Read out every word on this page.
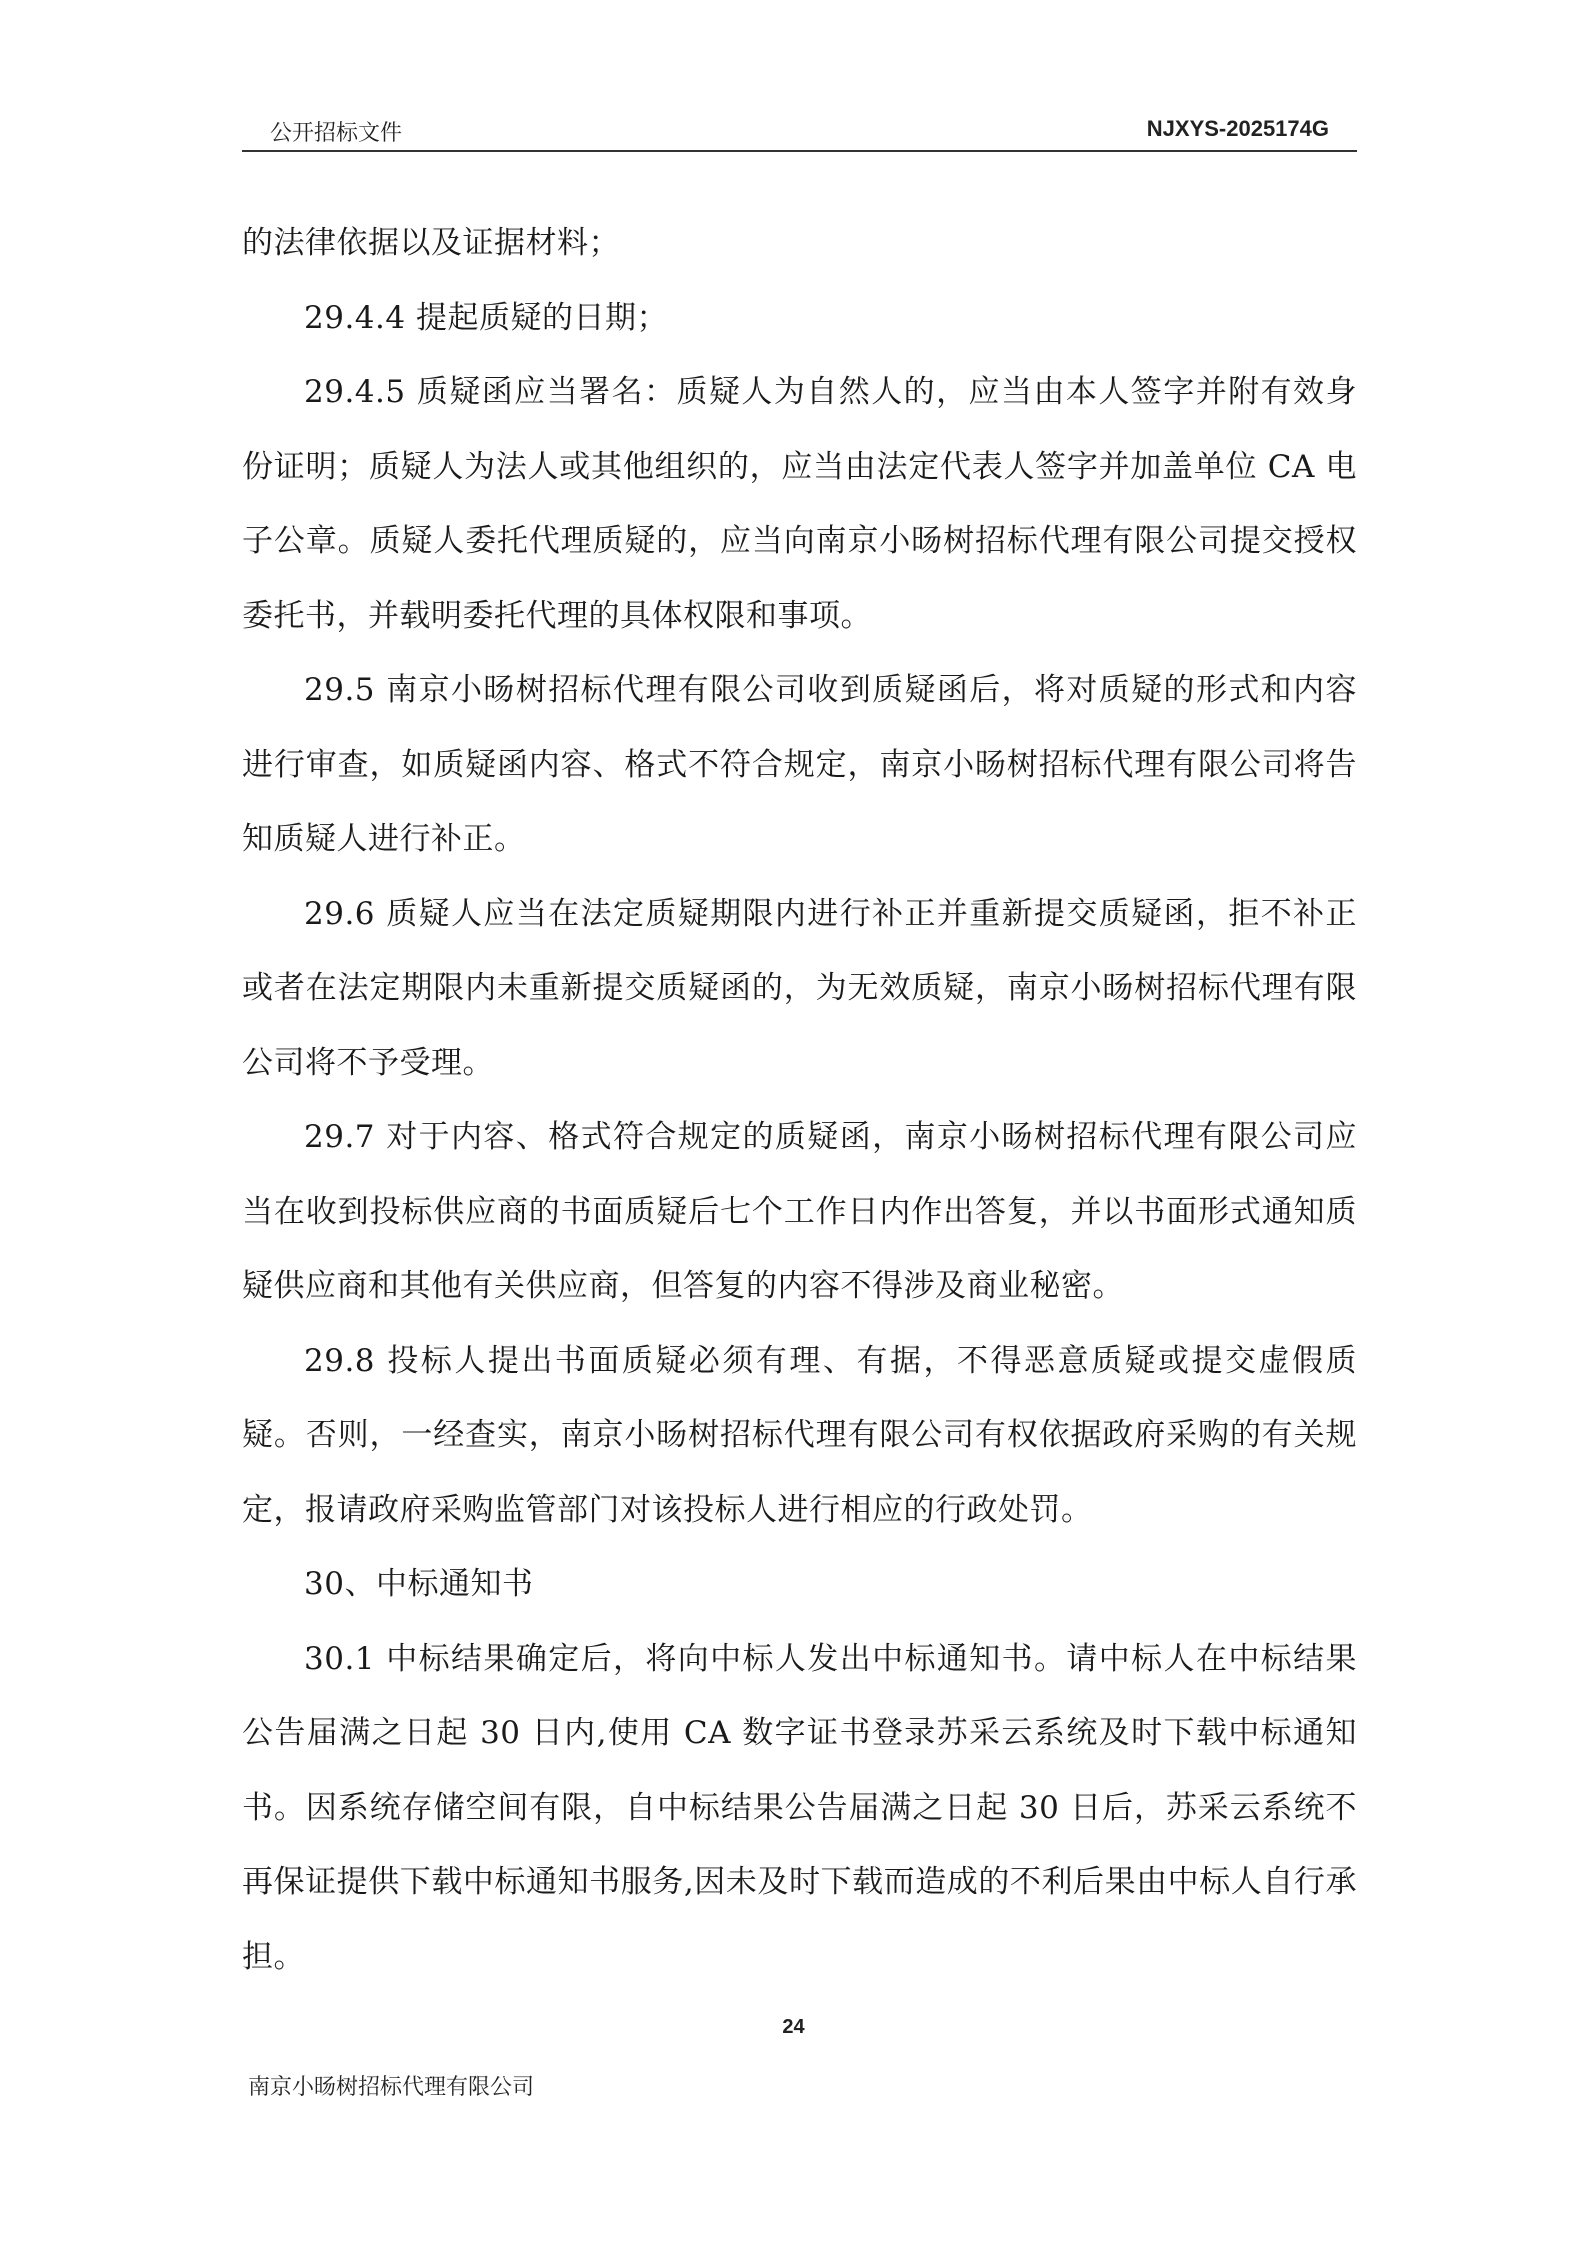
公开招标文件	NJXYS-2025174G

的法律依据以及证据材料；

29.4.4 提起质疑的日期；

29.4.5 质疑函应当署名：质疑人为自然人的，应当由本人签字并附有效身份证明；质疑人为法人或其他组织的，应当由法定代表人签字并加盖单位 CA 电子公章。质疑人委托代理质疑的，应当向南京小旸树招标代理有限公司提交授权委托书，并载明委托代理的具体权限和事项。

29.5 南京小旸树招标代理有限公司收到质疑函后，将对质疑的形式和内容进行审查，如质疑函内容、格式不符合规定，南京小旸树招标代理有限公司将告知质疑人进行补正。

29.6 质疑人应当在法定质疑期限内进行补正并重新提交质疑函，拒不补正或者在法定期限内未重新提交质疑函的，为无效质疑，南京小旸树招标代理有限公司将不予受理。

29.7 对于内容、格式符合规定的质疑函，南京小旸树招标代理有限公司应当在收到投标供应商的书面质疑后七个工作日内作出答复，并以书面形式通知质疑供应商和其他有关供应商，但答复的内容不得涉及商业秘密。

29.8 投标人提出书面质疑必须有理、有据，不得恶意质疑或提交虚假质疑。否则，一经查实，南京小旸树招标代理有限公司有权依据政府采购的有关规定，报请政府采购监管部门对该投标人进行相应的行政处罚。

30、中标通知书

30.1 中标结果确定后，将向中标人发出中标通知书。请中标人在中标结果公告届满之日起 30 日内,使用 CA 数字证书登录苏采云系统及时下载中标通知书。因系统存储空间有限，自中标结果公告届满之日起 30 日后，苏采云系统不再保证提供下载中标通知书服务,因未及时下载而造成的不利后果由中标人自行承担。

24
南京小旸树招标代理有限公司
